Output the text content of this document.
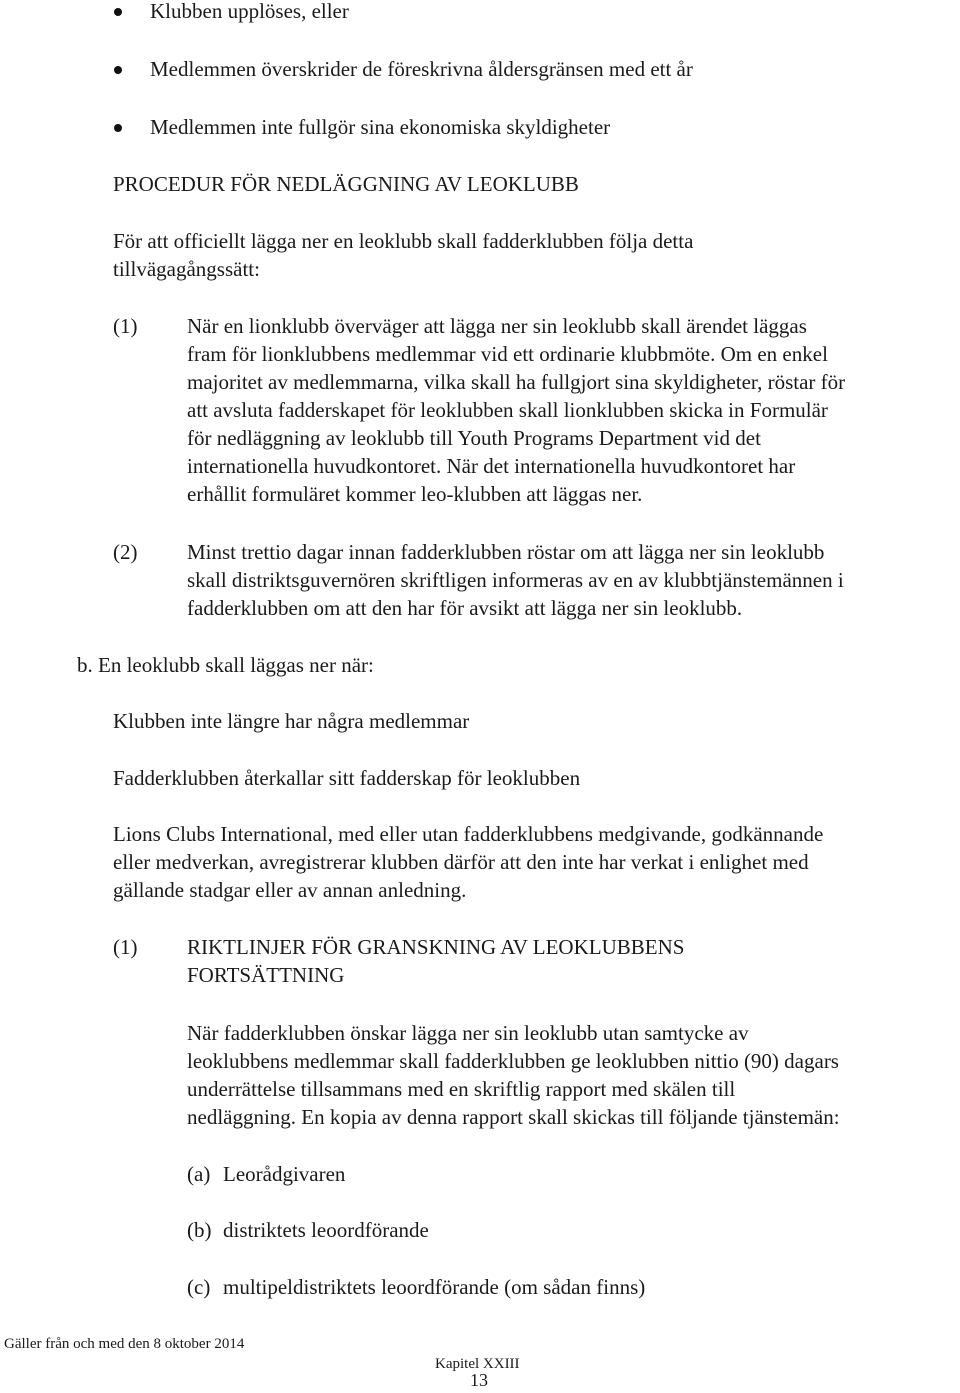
Klubben upplöses, eller
Medlemmen överskrider de föreskrivna åldersgränsen med ett år
Medlemmen inte fullgör sina ekonomiska skyldigheter
PROCEDUR FÖR NEDLÄGGNING AV LEOKLUBB
För att officiellt lägga ner en leoklubb skall fadderklubben följa detta
tillvägagångssätt:
(1) När en lionklubb överväger att lägga ner sin leoklubb skall ärendet läggas
fram för lionklubbens medlemmar vid ett ordinarie klubbmöte. Om en enkel
majoritet av medlemmarna, vilka skall ha fullgjort sina skyldigheter, röstar för
att avsluta fadderskapet för leoklubben skall lionklubben skicka in Formulär
för nedläggning av leoklubb till Youth Programs Department vid det
internationella huvudkontoret. När det internationella huvudkontoret har
erhållit formuläret kommer leo-klubben att läggas ner.
(2) Minst trettio dagar innan fadderklubben röstar om att lägga ner sin leoklubb
skall distriktsguvernören skriftligen informeras av en av klubbtjänstemännen i
fadderklubben om att den har för avsikt att lägga ner sin leoklubb.
b. En leoklubb skall läggas ner när:
Klubben inte längre har några medlemmar
Fadderklubben återkallar sitt fadderskap för leoklubben
Lions Clubs International, med eller utan fadderklubbens medgivande, godkännande
eller medverkan, avregistrerar klubben därför att den inte har verkat i enlighet med
gällande stadgar eller av annan anledning.
(1) RIKTLINJER FÖR GRANSKNING AV LEOKLUBBENS
FORTSÄTTNING
När fadderklubben önskar lägga ner sin leoklubb utan samtycke av
leoklubbens medlemmar skall fadderklubben ge leoklubben nittio (90) dagars
underrättelse tillsammans med en skriftlig rapport med skälen till
nedläggning. En kopia av denna rapport skall skickas till följande tjänstemän:
(a) Leorådgivaren
(b) distriktets leoordförande
(c) multipeldistriktets leoordförande (om sådan finns)
Gäller från och med den 8 oktober 2014
Kapitel XXIII
13
